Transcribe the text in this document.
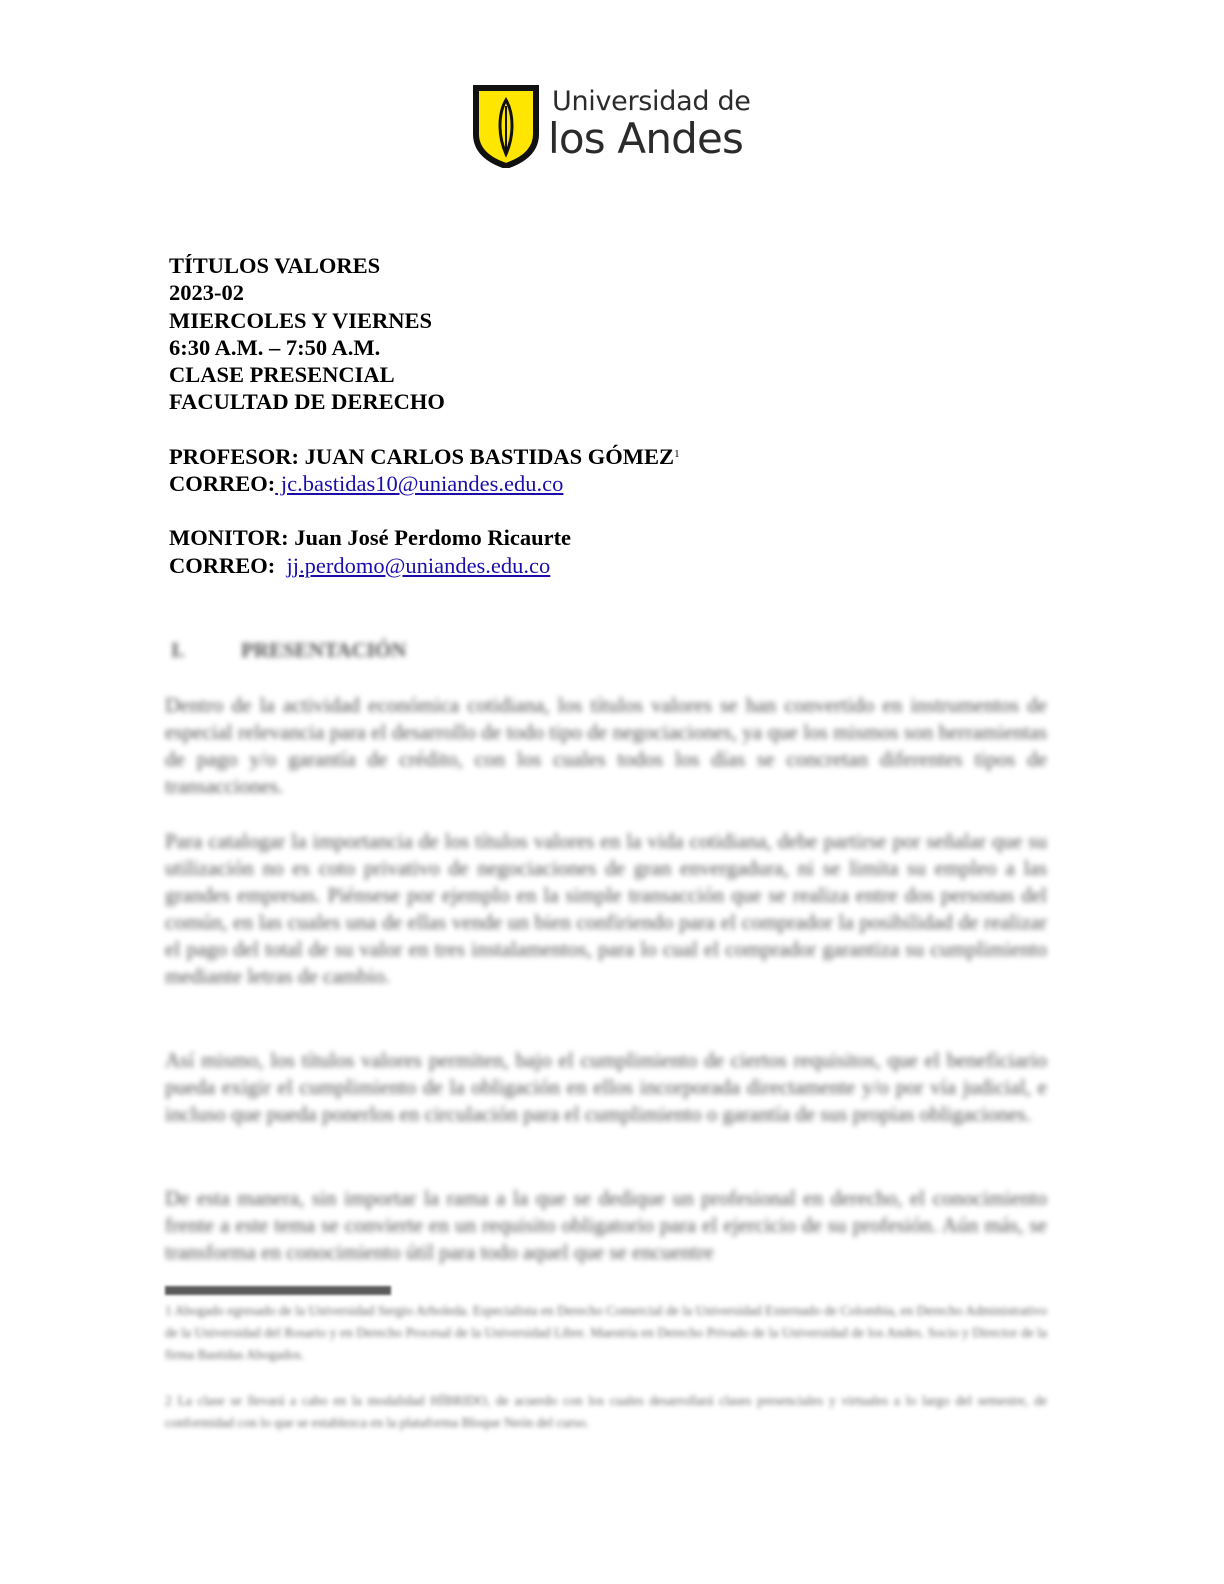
Universidad de
los Andes
TÍTULOS VALORES
2023-02
MIERCOLES Y VIERNES
6:30 A.M. – 7:50 A.M.
CLASE PRESENCIAL
FACULTAD DE DERECHO
PROFESOR: JUAN CARLOS BASTIDAS GÓMEZ$^1$
CORREO: jc.bastidas10@uniandes.edu.co
MONITOR: Juan José Perdomo Ricaurte
CORREO: jj.perdomo@uniandes.edu.co
I.	PRESENTACIÓN
Dentro de la actividad económica cotidiana, los títulos valores se han convertido en instrumentos de especial relevancia para el desarrollo de todo tipo de negociaciones, ya que los mismos son herramientas de pago y/o garantía de crédito, con los cuales todos los días se concretan diferentes tipos de transacciones.
Para catalogar la importancia de los títulos valores en la vida cotidiana, debe partirse por señalar que su utilización no es coto privativo de negociaciones de gran envergadura, ni se limita su empleo a las grandes empresas. Piénsese por ejemplo en la simple transacción que se realiza entre dos personas del común, en las cuales una de ellas vende un bien confiriendo para el comprador la posibilidad de realizar el pago del total de su valor en tres instalamentos, para lo cual el comprador garantiza su cumplimiento mediante letras de cambio.
Así mismo, los títulos valores permiten, bajo el cumplimiento de ciertos requisitos, que el beneficiario pueda exigir el cumplimiento de la obligación en ellos incorporada directamente y/o por vía judicial, e incluso que pueda ponerlos en circulación para el cumplimiento o garantía de sus propias obligaciones.
De esta manera, sin importar la rama a la que se dedique un profesional en derecho, el conocimiento frente a este tema se convierte en un requisito obligatorio para el ejercicio de su profesión. Aún más, se transforma en conocimiento útil para todo aquel que se encuentre
1 Abogado egresado de la Universidad Sergio Arboleda. Especialista en Derecho Comercial de la Universidad Externado de Colombia, en Derecho Administrativo de la Universidad del Rosario y en Derecho Procesal de la Universidad Libre. Maestría en Derecho Privado de la Universidad de los Andes. Socio y Director de la firma Bastidas Abogados.
2 La clase se llevará a cabo en la modalidad HÍBRIDO, de acuerdo con los cuales desarrollará clases presenciales y virtuales a lo largo del semestre, de conformidad con lo que se establezca en la plataforma Bloque Neón del curso.
